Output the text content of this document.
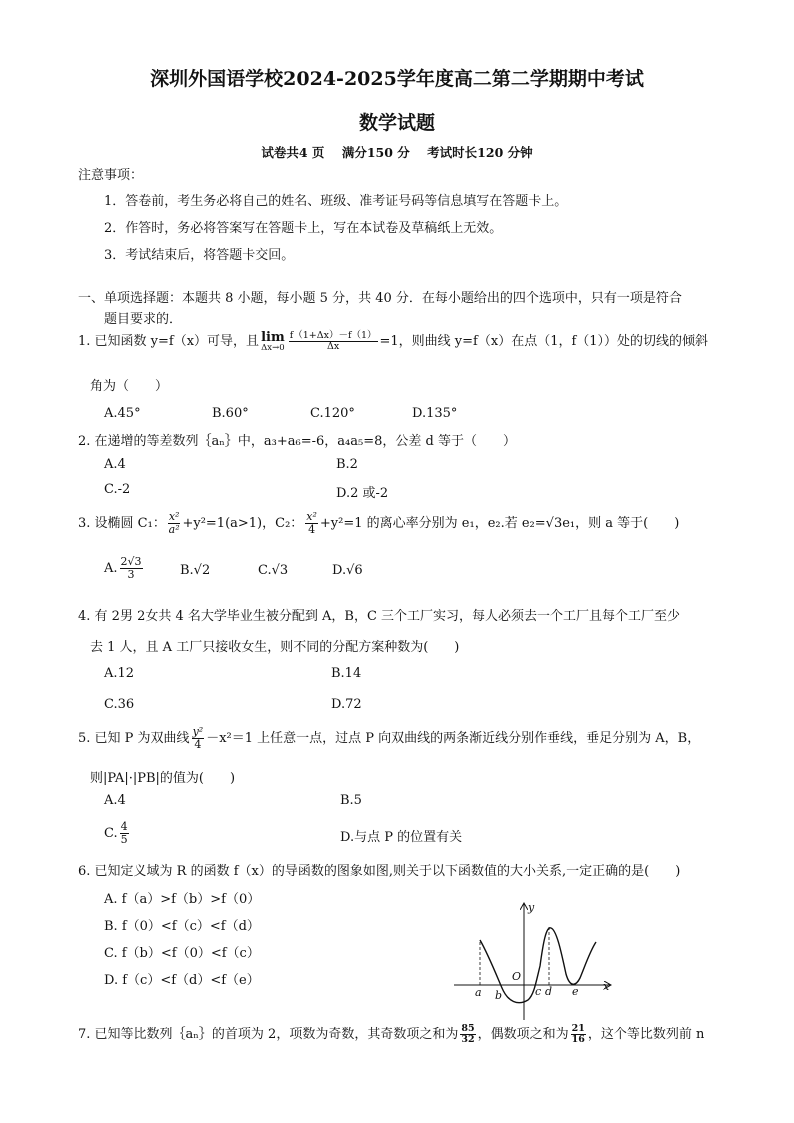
深圳外国语学校2024-2025学年度高二第二学期期中考试
数学试题
试卷共4 页    满分150 分    考试时长120 分钟
注意事项：
1．答卷前，考生务必将自己的姓名、班级、准考证号码等信息填写在答题卡上。
2．作答时，务必将答案写在答题卡上，写在本试卷及草稿纸上无效。
3．考试结束后，将答题卡交回。
一、单项选择题：本题共 8 小题，每小题 5 分，共 40 分．在每小题给出的四个选项中，只有一项是符合
题目要求的．
1. 已知函数 y=f（x）可导，且 lim
$\Delta x\to 0 \frac{f(1+\Delta x)-f(1)}{\Delta x} =1$，则曲线 y=f（x）在点（1，f（1））处的切线的倾斜
角为（　　）
A.45°	B.60°	C.120°	D.135°
2. 在递增的等差数列｛aₙ｝中，a₃+a₆=-6，a₄a₅=8，公差 d 等于（　　）
A.4	B.2
C.-2	D.2 或-2
3. 设椭圆 C₁： $\frac{\text{x²}}{\text{a²}} +y^2=1(a>1)$，C₂： $\frac{\text{x²}}{4} +y^2=1$ 的离心率分别为 e₁，e₂.若 e₂=√3e₁，则 a 等于(　　)
A. $\frac{2√3}{3}$	B.√2	C.√3	D.√6
4. 有 2男 2女共 4 名大学毕业生被分配到 A，B，C 三个工厂实习，每人必须去一个工厂且每个工厂至少
去 1 人，且 A 工厂只接收女生，则不同的分配方案种数为(　　)
A.12	B.14
C.36	D.72
5. 已知 P 为双曲线 $\frac{\text{y²}}{4} -x^2=1$ 上任意一点，过点 P 向双曲线的两条渐近线分别作垂线，垂足分别为 A，B，
则|PA|·|PB|的值为(　　)
A.4	B.5
C. $\frac{4}{5}$	D.与点 P 的位置有关
6. 已知定义域为 R 的函数 f（x）的导函数的图象如图,则关于以下函数值的大小关系,一定正确的是(　　)
A. f（a）>f（b）>f（0）
B. f（0）<f（c）<f（d）
C. f（b）<f（0）<f（c）
D. f（c）<f（d）<f（e）
y
x
O
a b	c d e
7. 已知等比数列｛aₙ｝的首项为 2，项数为奇数，其奇数项之和为 $\frac{85}{32}$ ，偶数项之和为 $\frac{21}{16}$ ，这个等比数列前 n
